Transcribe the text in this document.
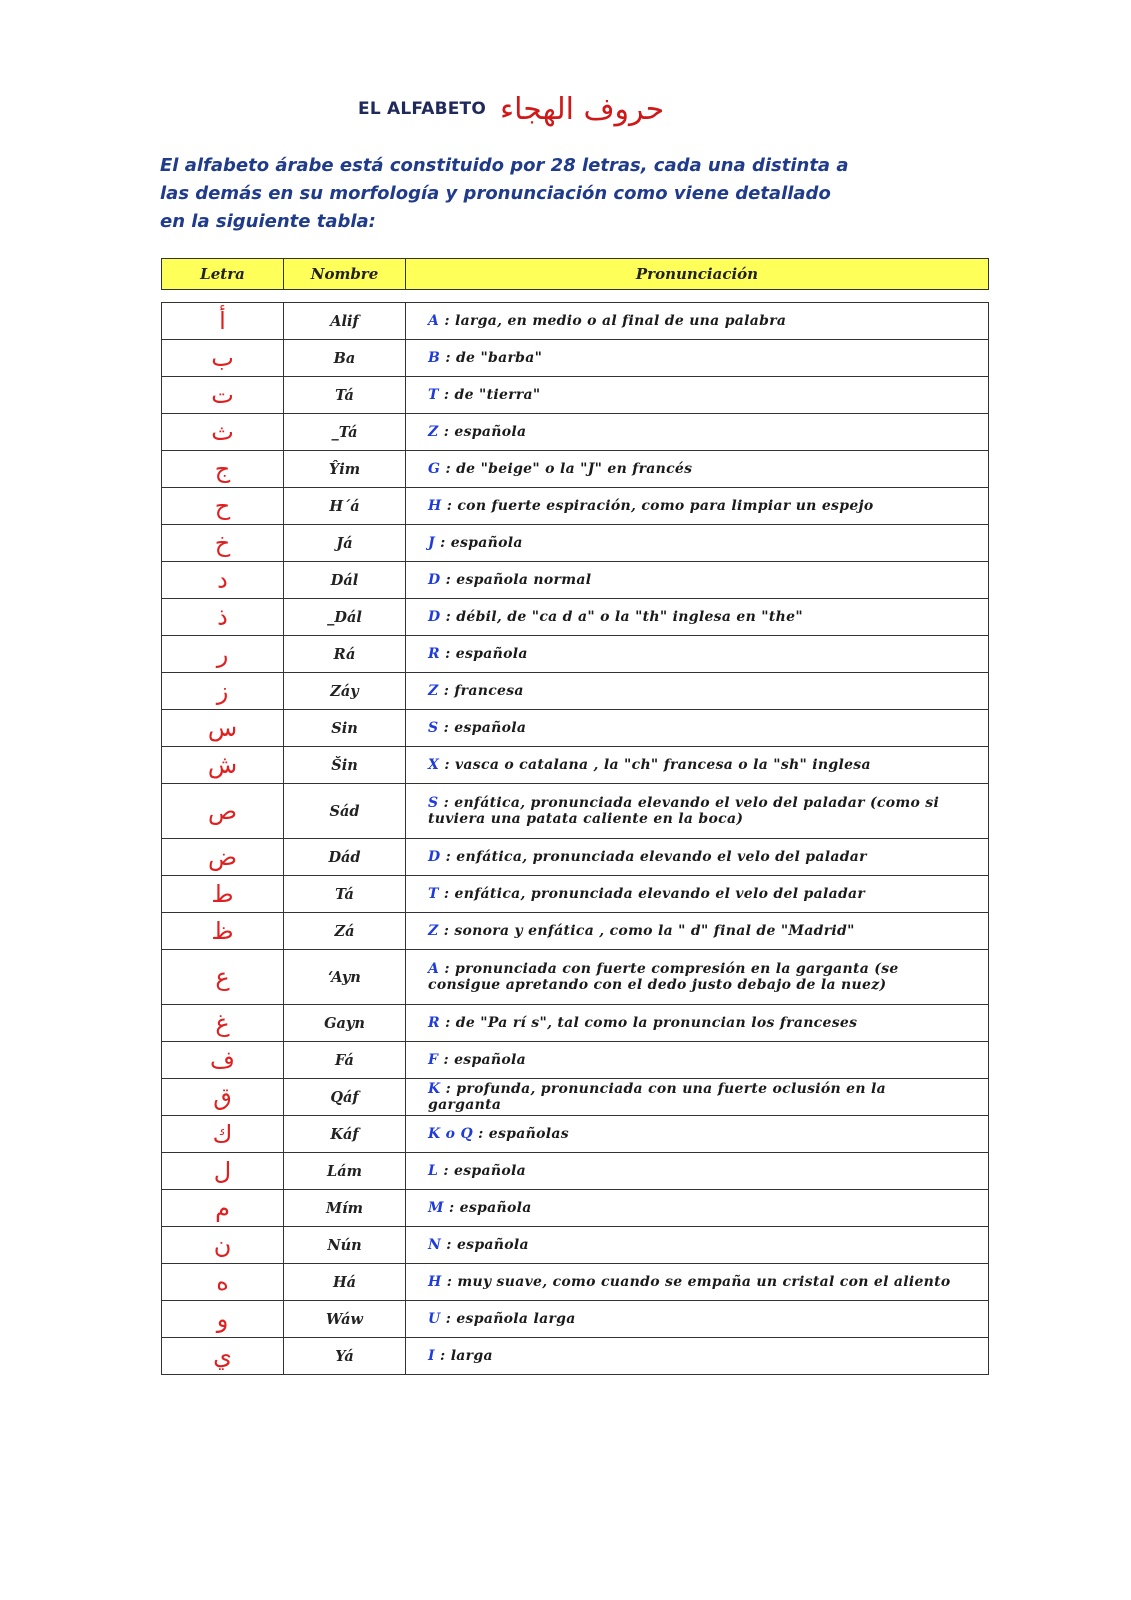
EL ALFABETO حروف الهجاء
El alfabeto árabe está constituido por 28 letras, cada una distinta a las demás en su morfología y pronunciación como viene detallado en la siguiente tabla:
Letra	Nombre	Pronunciación
أ	Alif	A : larga, en medio o al final de una palabra
ب	Ba	B : de "barba"
ت	Tá	T : de "tierra"
ث	_Tá	Z : española
ج	Ŷim	G : de "beige" o la "J" en francés
ح	H´á	H : con fuerte espiración, como para limpiar un espejo
خ	Já	J : española
د	Dál	D : española normal
ذ	_Dál	D : débil, de "ca d a" o la "th" inglesa en "the"
ر	Rá	R : española
ز	Záy	Z : francesa
س	Sin	S : española
ش	Šin	X : vasca o catalana , la "ch" francesa o la "sh" inglesa
ص	Sád	S : enfática, pronunciada elevando el velo del paladar (como si tuviera una patata caliente en la boca)
ض	Dád	D : enfática, pronunciada elevando el velo del paladar
ط	Tá	T : enfática, pronunciada elevando el velo del paladar
ظ	Zá	Z : sonora y enfática , como la " d" final de "Madrid"
ع	‘Ayn	A : pronunciada con fuerte compresión en la garganta (se consigue apretando con el dedo justo debajo de la nuez)
غ	Gayn	R : de "Pa rí s", tal como la pronuncian los franceses
ف	Fá	F : española
ق	Qáf	K : profunda, pronunciada con una fuerte oclusión en la garganta
ك	Káf	K o Q : españolas
ل	Lám	L : española
م	Mím	M : española
ن	Nún	N : española
ه	Há	H : muy suave, como cuando se empaña un cristal con el aliento
و	Wáw	U : española larga
ي	Yá	I : larga
